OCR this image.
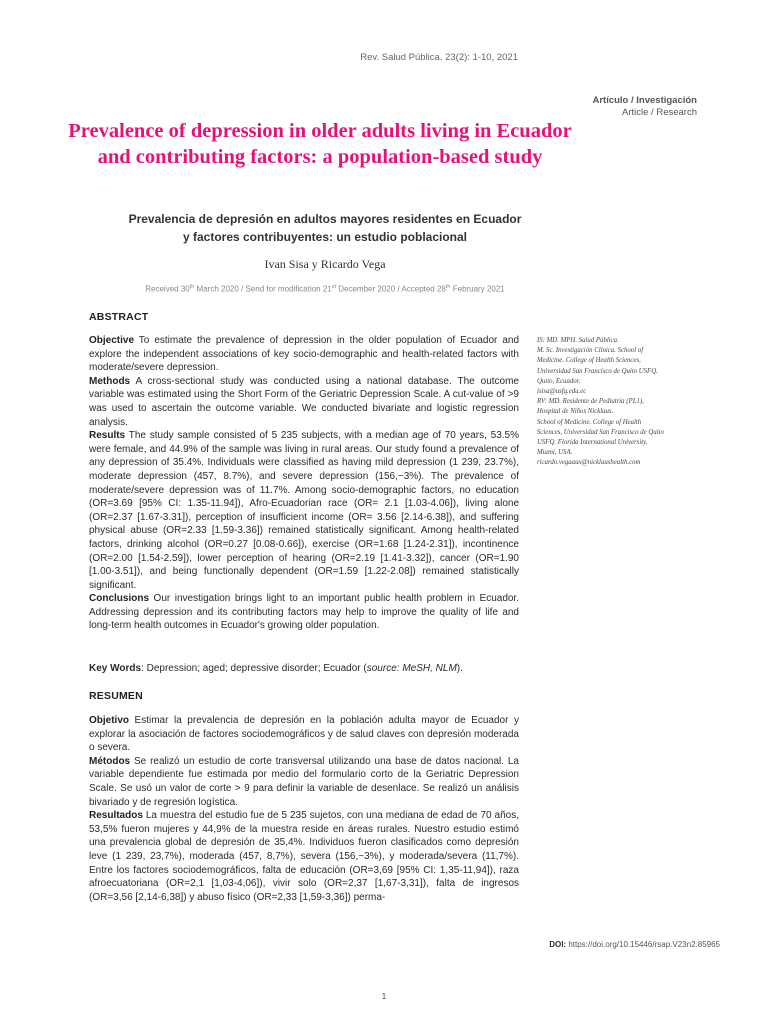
Rev. Salud Pública. 23(2): 1-10, 2021
Artículo / Investigación
Article / Research
Prevalence of depression in older adults living in Ecuador and contributing factors: a population-based study
Prevalencia de depresión en adultos mayores residentes en Ecuador
y factores contribuyentes: un estudio poblacional
Ivan Sisa y Ricardo Vega
Received 30th March 2020 / Send for modification 21st December 2020 / Accepted 28th February 2021
ABSTRACT

Objective To estimate the prevalence of depression in the older population of Ecuador and explore the independent associations of key socio-demographic and health-related factors with moderate/severe depression.

Methods A cross-sectional study was conducted using a national database. The outcome variable was estimated using the Short Form of the Geriatric Depression Scale. A cut-value of >9 was used to ascertain the outcome variable. We conducted bivariate and logistic regression analysis.

Results The study sample consisted of 5 235 subjects, with a median age of 70 years, 53.5% were female, and 44.9% of the sample was living in rural areas. Our study found a prevalence of any depression of 35.4%. Individuals were classified as having mild depression (1 239, 23.7%), moderate depression (457, 8.7%), and severe depression (156,~3%). The prevalence of moderate/severe depression was of 11.7%. Among socio-demographic factors, no education (OR=3.69 [95% CI: 1.35-11.94]), Afro-Ecuadorian race (OR= 2.1 [1.03-4.06]), living alone (OR=2.37 [1.67-3.31]), perception of insufficient income (OR= 3.56 [2.14-6.38]), and suffering physical abuse (OR=2.33 [1.59-3.36]) remained statistically significant. Among health-related factors, drinking alcohol (OR=0.27 [0.08-0.66]), exercise (OR=1.68 [1.24-2.31]), incontinence (OR=2.00 [1.54-2.59]), lower perception of hearing (OR=2.19 [1.41-3.32]), cancer (OR=1.90 [1.00-3.51]), and being functionally dependent (OR=1.59 [1.22-2.08]) remained statistically significant.

Conclusions Our investigation brings light to an important public health problem in Ecuador. Addressing depression and its contributing factors may help to improve the quality of life and long-term health outcomes in Ecuador's growing older population.

Key Words: Depression; aged; depressive disorder; Ecuador (source: MeSH, NLM).
RESUMEN

Objetivo Estimar la prevalencia de depresión en la población adulta mayor de Ecuador y explorar la asociación de factores sociodemográficos y de salud claves con depresión moderada o severa.

Métodos Se realizó un estudio de corte transversal utilizando una base de datos nacional. La variable dependiente fue estimada por medio del formulario corto de la Geriatric Depression Scale. Se usó un valor de corte > 9 para definir la variable de desenlace. Se realizó un análisis bivariado y de regresión logística.

Resultados La muestra del estudio fue de 5 235 sujetos, con una mediana de edad de 70 años, 53,5% fueron mujeres y 44,9% de la muestra reside en áreas rurales. Nuestro estudio estimó una prevalencia global de depresión de 35,4%. Individuos fueron clasificados como depresión leve (1 239, 23,7%), moderada (457, 8,7%), severa (156,~3%), y moderada/severa (11,7%). Entre los factores sociodemográficos, falta de educación (OR=3,69 [95% CI: 1,35-11,94]), raza afroecuatoriana (OR=2,1 [1,03-4,06]), vivir solo (OR=2,37 [1,67-3,31]), falta de ingresos (OR=3,56 [2,14-6,38]) y abuso físico (OR=2,33 [1,59-3,36]) perma-

IS: MD. MPH. Salud Pública.
M. Sc. Investigación Clínica. School of
Medicine. College of Health Sciences,
Universidad San Francisco de Quito USFQ.
Quito, Ecuador.
isisa@usfq.edu.ec
RV: MD. Residente de Pediatría (PL1),
Hospital de Niños Nicklaus.
School of Medicine. College of Health
Sciences, Universidad San Francisco de Quito
USFQ. Florida International University.
Miami, USA.
ricardo.vegaaux@nicklaushealth.com
DOI: https://doi.org/10.15446/rsap.V23n2.85965
1
